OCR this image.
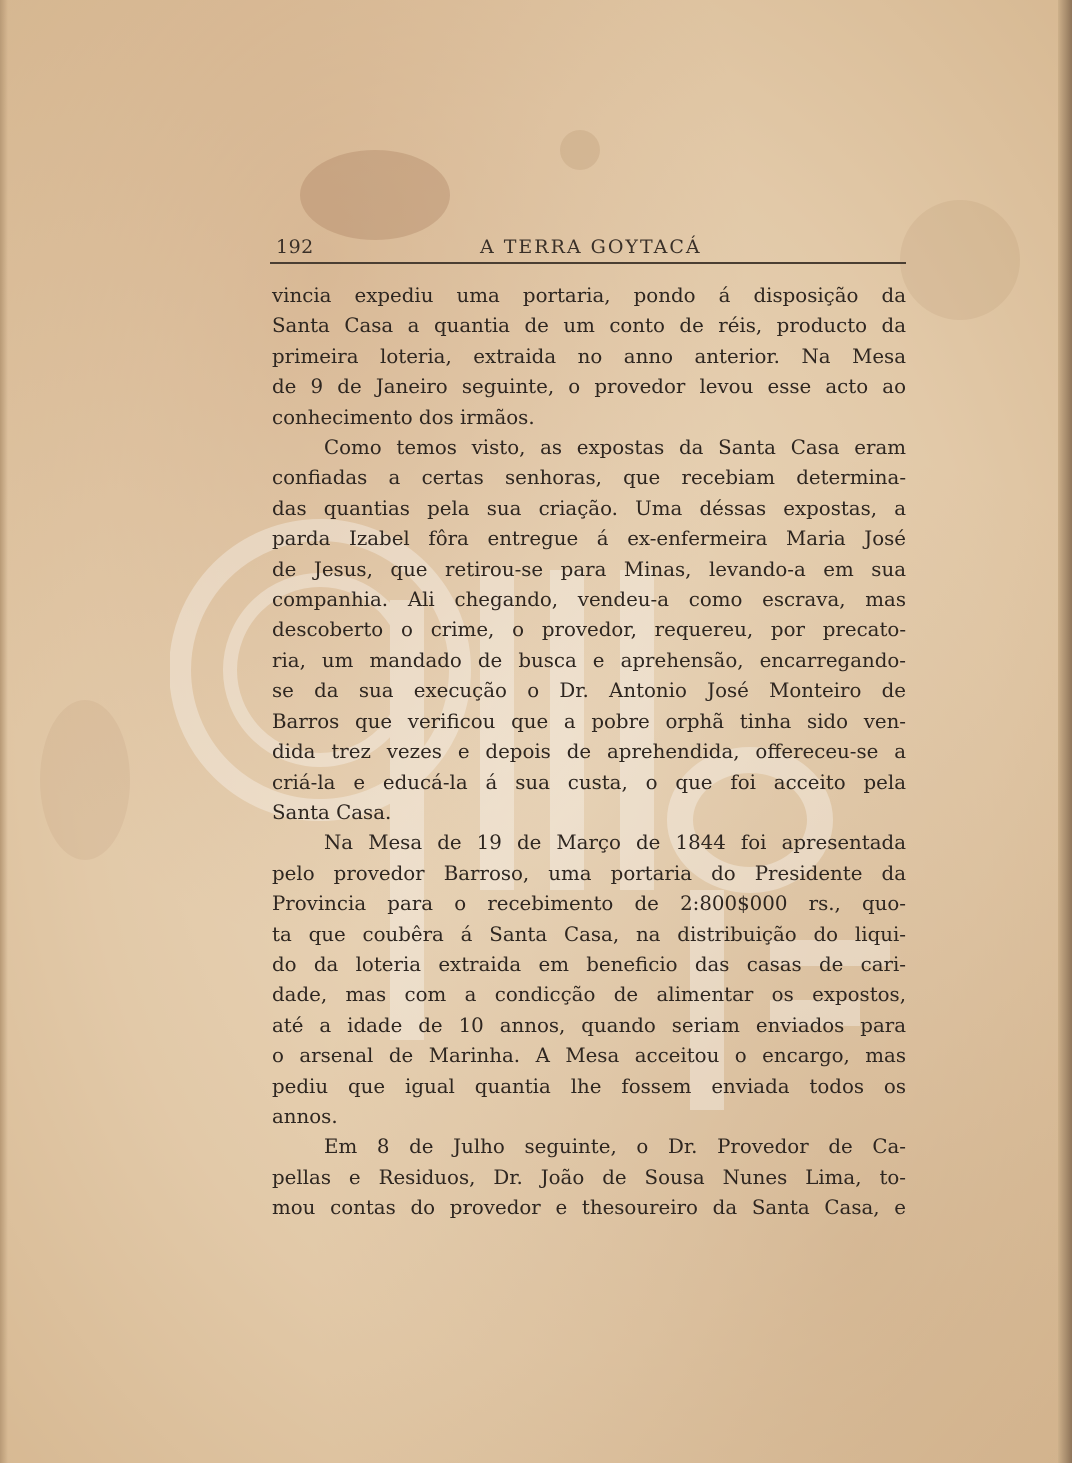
192	A TERRA GOYTACÁ

vincia expediu uma portaria, pondo á disposição da
Santa Casa a quantia de um conto de réis, producto da
primeira loteria, extraida no anno anterior. Na Mesa
de 9 de Janeiro seguinte, o provedor levou esse acto ao
conhecimento dos irmãos.

Como temos visto, as expostas da Santa Casa eram
confiadas a certas senhoras, que recebiam determina-
das quantias pela sua criação. Uma déssas expostas, a
parda Izabel fôra entregue á ex-enfermeira Maria José
de Jesus, que retirou-se para Minas, levando-a em sua
companhia. Ali chegando, vendeu-a como escrava, mas
descoberto o crime, o provedor, requereu, por precato-
ria, um mandado de busca e aprehensão, encarregando-
se da sua execução o Dr. Antonio José Monteiro de
Barros que verificou que a pobre orphã tinha sido ven-
dida trez vezes e depois de aprehendida, offereceu-se a
criá-la e educá-la á sua custa, o que foi acceito pela
Santa Casa.

Na Mesa de 19 de Março de 1844 foi apresentada
pelo provedor Barroso, uma portaria do Presidente da
Provincia para o recebimento de 2:800$000 rs., quo-
ta que coubêra á Santa Casa, na distribuição do liqui-
do da loteria extraida em beneficio das casas de cari-
dade, mas com a condicção de alimentar os expostos,
até a idade de 10 annos, quando seriam enviados para
o arsenal de Marinha. A Mesa acceitou o encargo, mas
pediu que igual quantia lhe fossem enviada todos os
annos.

Em 8 de Julho seguinte, o Dr. Provedor de Ca-
pellas e Residuos, Dr. João de Sousa Nunes Lima, to-
mou contas do provedor e thesoureiro da Santa Casa, e
